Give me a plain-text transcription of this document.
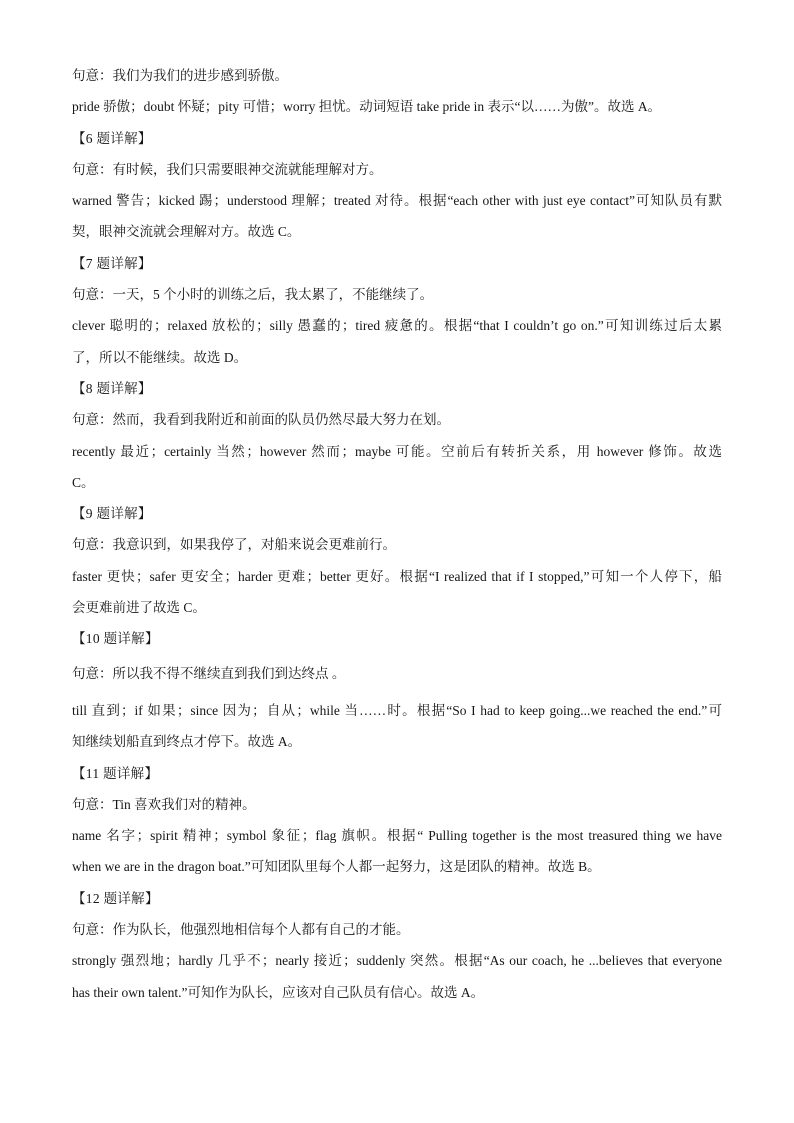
句意：我们为我们的进步感到骄傲。
pride 骄傲；doubt 怀疑；pity 可惜；worry 担忧。动词短语 take pride in 表示“以……为傲”。故选 A。
【6 题详解】
句意：有时候，我们只需要眼神交流就能理解对方。
warned 警告；kicked 踢；understood 理解；treated 对待。根据“each other with just eye contact”可知队员有默
契，眼神交流就会理解对方。故选 C。
【7 题详解】
句意：一天，5 个小时的训练之后，我太累了，不能继续了。
clever 聪明的；relaxed 放松的；silly 愚蠢的；tired 疲惫的。根据“that I couldn’t go on.”可知训练过后太累
了，所以不能继续。故选 D。
【8 题详解】
句意：然而，我看到我附近和前面的队员仍然尽最大努力在划。
recently 最近；certainly 当然；however 然而；maybe 可能。空前后有转折关系，用 however 修饰。故选
C。
【9 题详解】
句意：我意识到，如果我停了，对船来说会更难前行。
faster 更快；safer 更安全；harder 更难；better 更好。根据“I realized that if I stopped,”可知一个人停下，船
会更难前进了故选 C。
【10 题详解】
句意：所以我不得不继续直到我们到达终点 。
till 直到；if 如果；since 因为；自从；while 当……时。根据“So I had to keep going...we reached the end.”可
知继续划船直到终点才停下。故选 A。
【11 题详解】
句意：Tin 喜欢我们对的精神。
name 名字；spirit 精神；symbol 象征；flag 旗帜。根据“ Pulling together is the most treasured thing we have
when we are in the dragon boat.”可知团队里每个人都一起努力，这是团队的精神。故选 B。
【12 题详解】
句意：作为队长，他强烈地相信每个人都有自己的才能。
strongly 强烈地；hardly 几乎不；nearly 接近；suddenly 突然。根据“As our coach, he ...believes that everyone
has their own talent.”可知作为队长，应该对自己队员有信心。故选 A。
